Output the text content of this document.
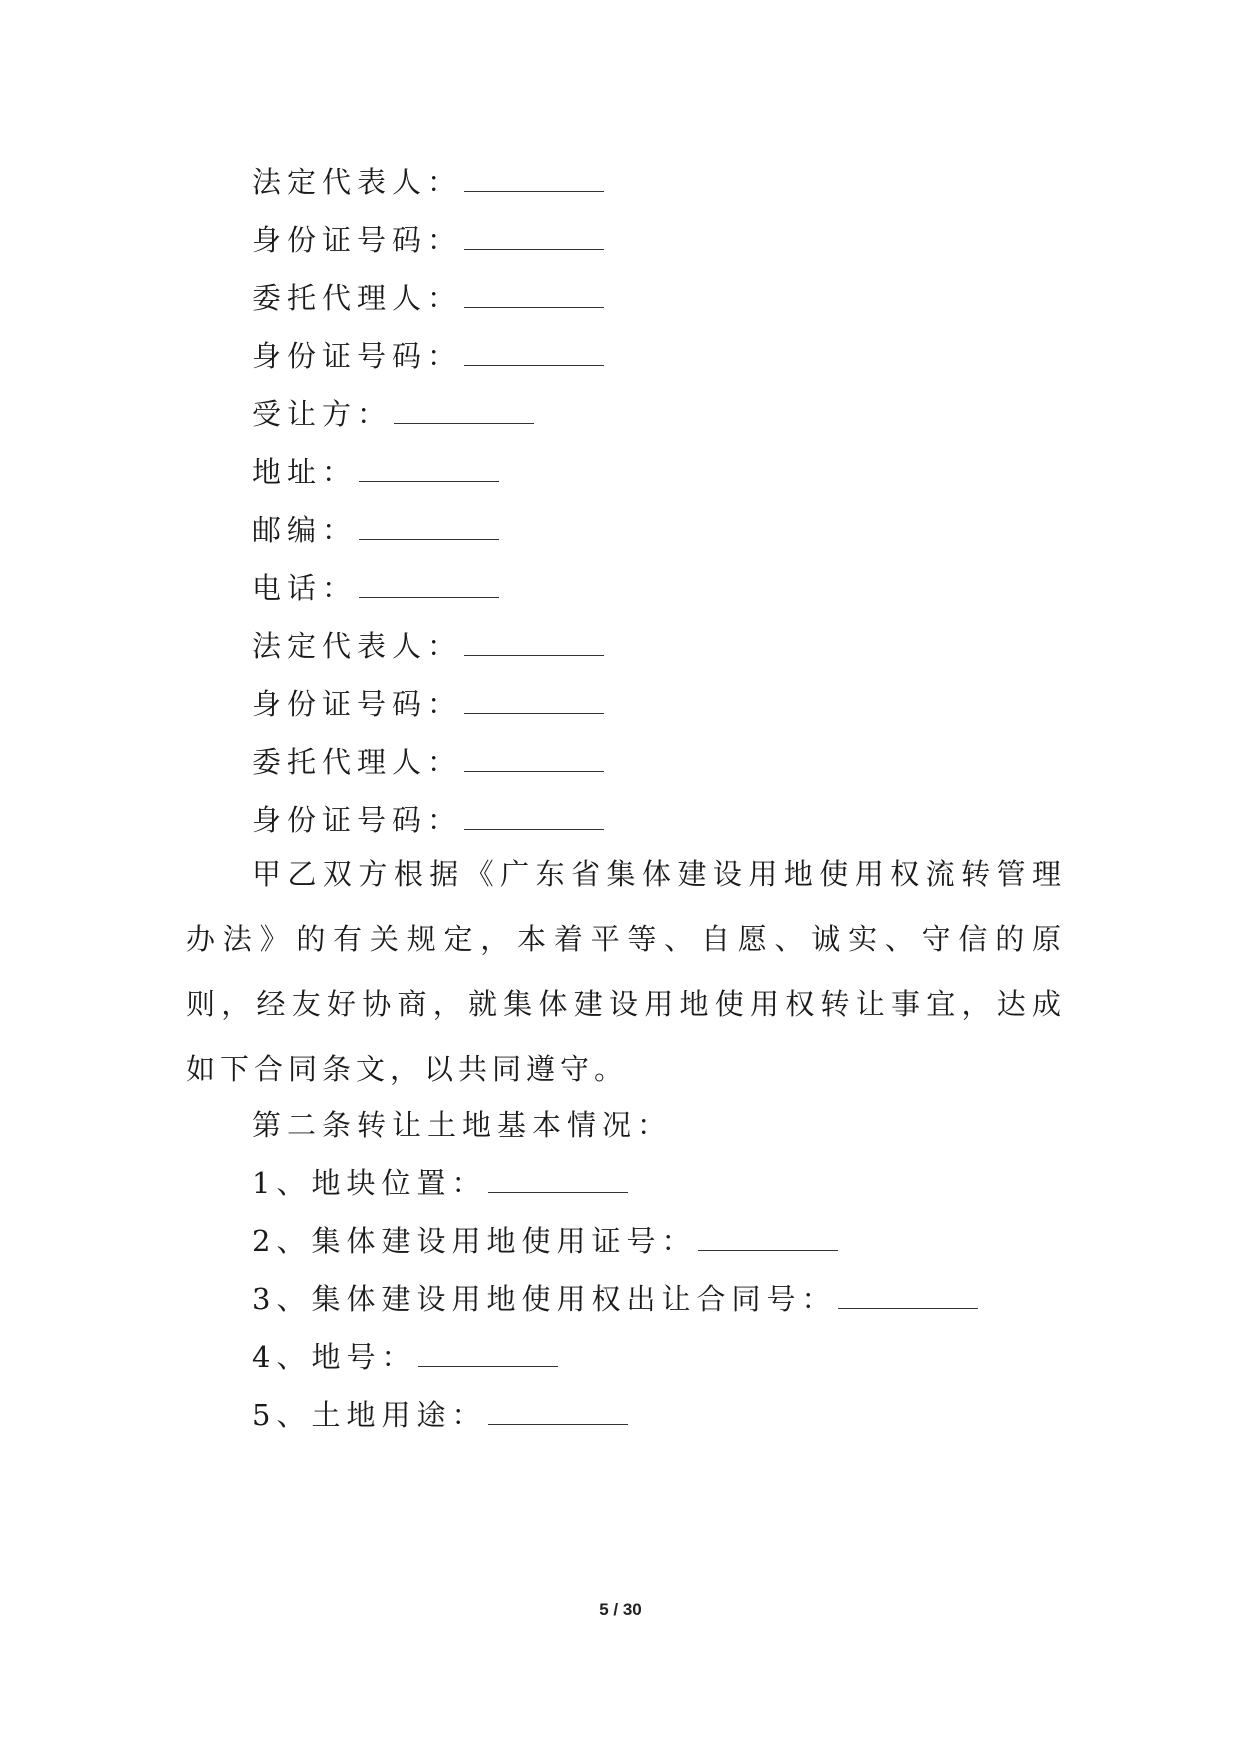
法定代表人：
身份证号码：
委托代理人：
身份证号码：
受让方：
地址：
邮编：
电话：
法定代表人：
身份证号码：
委托代理人：
身份证号码：

甲乙双方根据《广东省集体建设用地使用权流转管理办法》的有关规定，本着平等、自愿、诚实、守信的原则，经友好协商，就集体建设用地使用权转让事宜，达成如下合同条文，以共同遵守。

第二条转让土地基本情况：
1、地块位置：
2、集体建设用地使用证号：
3、集体建设用地使用权出让合同号：
4、地号：
5、土地用途：
5 / 30
